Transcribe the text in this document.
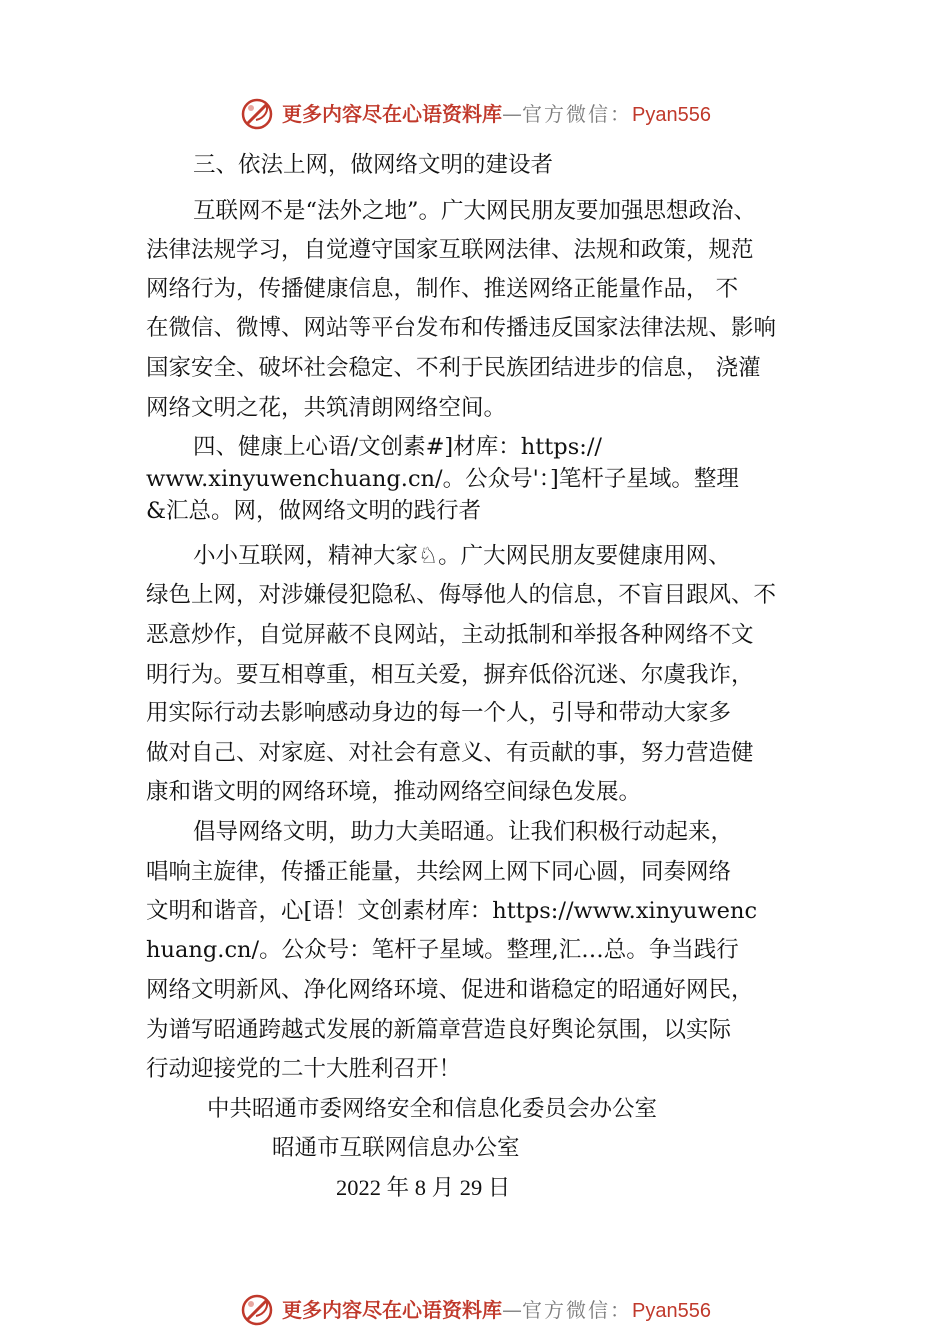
更多内容尽在心语资料库—官方微信：Pyan556
三、依法上网，做网络文明的建设者
互联网不是“法外之地”。广大网民朋友要加强思想政治、
法律法规学习，自觉遵守国家互联网法律、法规和政策，规范
网络行为，传播健康信息，制作、推送网络正能量作品， 不
在微信、微博、网站等平台发布和传播违反国家法律法规、影响
国家安全、破坏社会稳定、不利于民族团结进步的信息， 浇灌
网络文明之花，共筑清朗网络空间。
四、健康上心语/文创素#]材库：https://
www.xinyuwenchuang.cn/。公众号'：]笔杆子星域。整理
&汇总。网，做网络文明的践行者
小小互联网，精神大家♘。广大网民朋友要健康用网、
绿色上网，对涉嫌侵犯隐私、侮辱他人的信息，不盲目跟风、不
恶意炒作，自觉屏蔽不良网站，主动抵制和举报各种网络不文
明行为。要互相尊重，相互关爱，摒弃低俗沉迷、尔虞我诈，
用实际行动去影响感动身边的每一个人，引导和带动大家多
做对自己、对家庭、对社会有意义、有贡献的事，努力营造健
康和谐文明的网络环境，推动网络空间绿色发展。
倡导网络文明，助力大美昭通。让我们积极行动起来，
唱响主旋律，传播正能量，共绘网上网下同心圆，同奏网络
文明和谐音，心[语！文创素材库：https://www.xinyuwenc
huang.cn/。公众号：笔杆子星域。整理,汇…总。争当践行
网络文明新风、净化网络环境、促进和谐稳定的昭通好网民，
为谱写昭通跨越式发展的新篇章营造良好舆论氛围，以实际
行动迎接党的二十大胜利召开！
中共昭通市委网络安全和信息化委员会办公室
昭通市互联网信息办公室
2022 年 8 月 29 日
更多内容尽在心语资料库—官方微信：Pyan556
